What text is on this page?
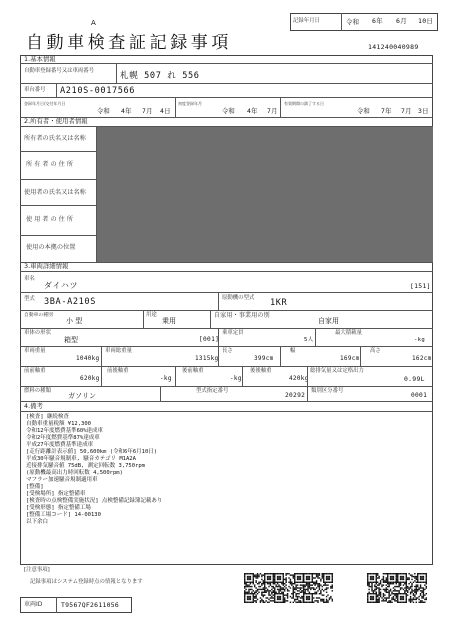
A	記録年月日	令和 6年 6月 10日
自動車検査証記録事項	141240040989
1.基本情報
自動車登録番号又は車両番号	札幌 507 れ 556
車台番号 A210S-0017566
登録年月日/交付年月日
令和 4年 7月 4日
初度登録年月
令和 4年 7月
有効期間の満了する日
令和 7年 7月 3日
2.所有者・使用者情報
所有者の氏名又は名称
所 有 者 の 住 所
使用者の氏名又は名称
使 用 者 の 住 所
使用の本拠の位置
3.車両詳細情報
車名
ダイハツ	[151]
型式 3BA-A210S	原動機の型式 1KR
自動車の種別
小 型
用途
乗用
自家用・事業用の別
自家用
車体の形状
箱型	[001]
乗車定員
5人
最大積載量
-kg
車両重量
1040kg
車両総重量
1315kg
長さ
399cm
幅
169cm
高さ
162cm
前前軸重
620kg
前後軸重
-kg
後前軸重
-kg
後後軸重
420kg
総排気量又は定格出力
0.99L
燃料の種類
ガソリン
型式指定番号
20292
類別区分番号
0001
4.備考
[検査] 継続検査
自動車重量税額 ¥12,300
令和12年度燃費基準60%達成車
令和2年度燃費基準87%達成車
平成27年度燃費基準達成車
[走行距離計表示値] 50,600km (令和6年6月10日)
平成30年騒音規制車, 騒音カテゴリ M1A2A
近接排気騒音値 75dB, 測定回転数 3,750rpm
(原動機最高出力時回転数 4,500rpm)
マフラー加速騒音規制適用車
[整備]
[受検場所] 指定整備車
[検査時の点検整備実施状況] 点検整備記録簿記載あり
[受検形態] 指定整備工場
[整備工場コード] 14-00130
以下余白
[注意事項]
記録事項はシステム登録時点の情報となります
車両ID	T9567QF2611056
